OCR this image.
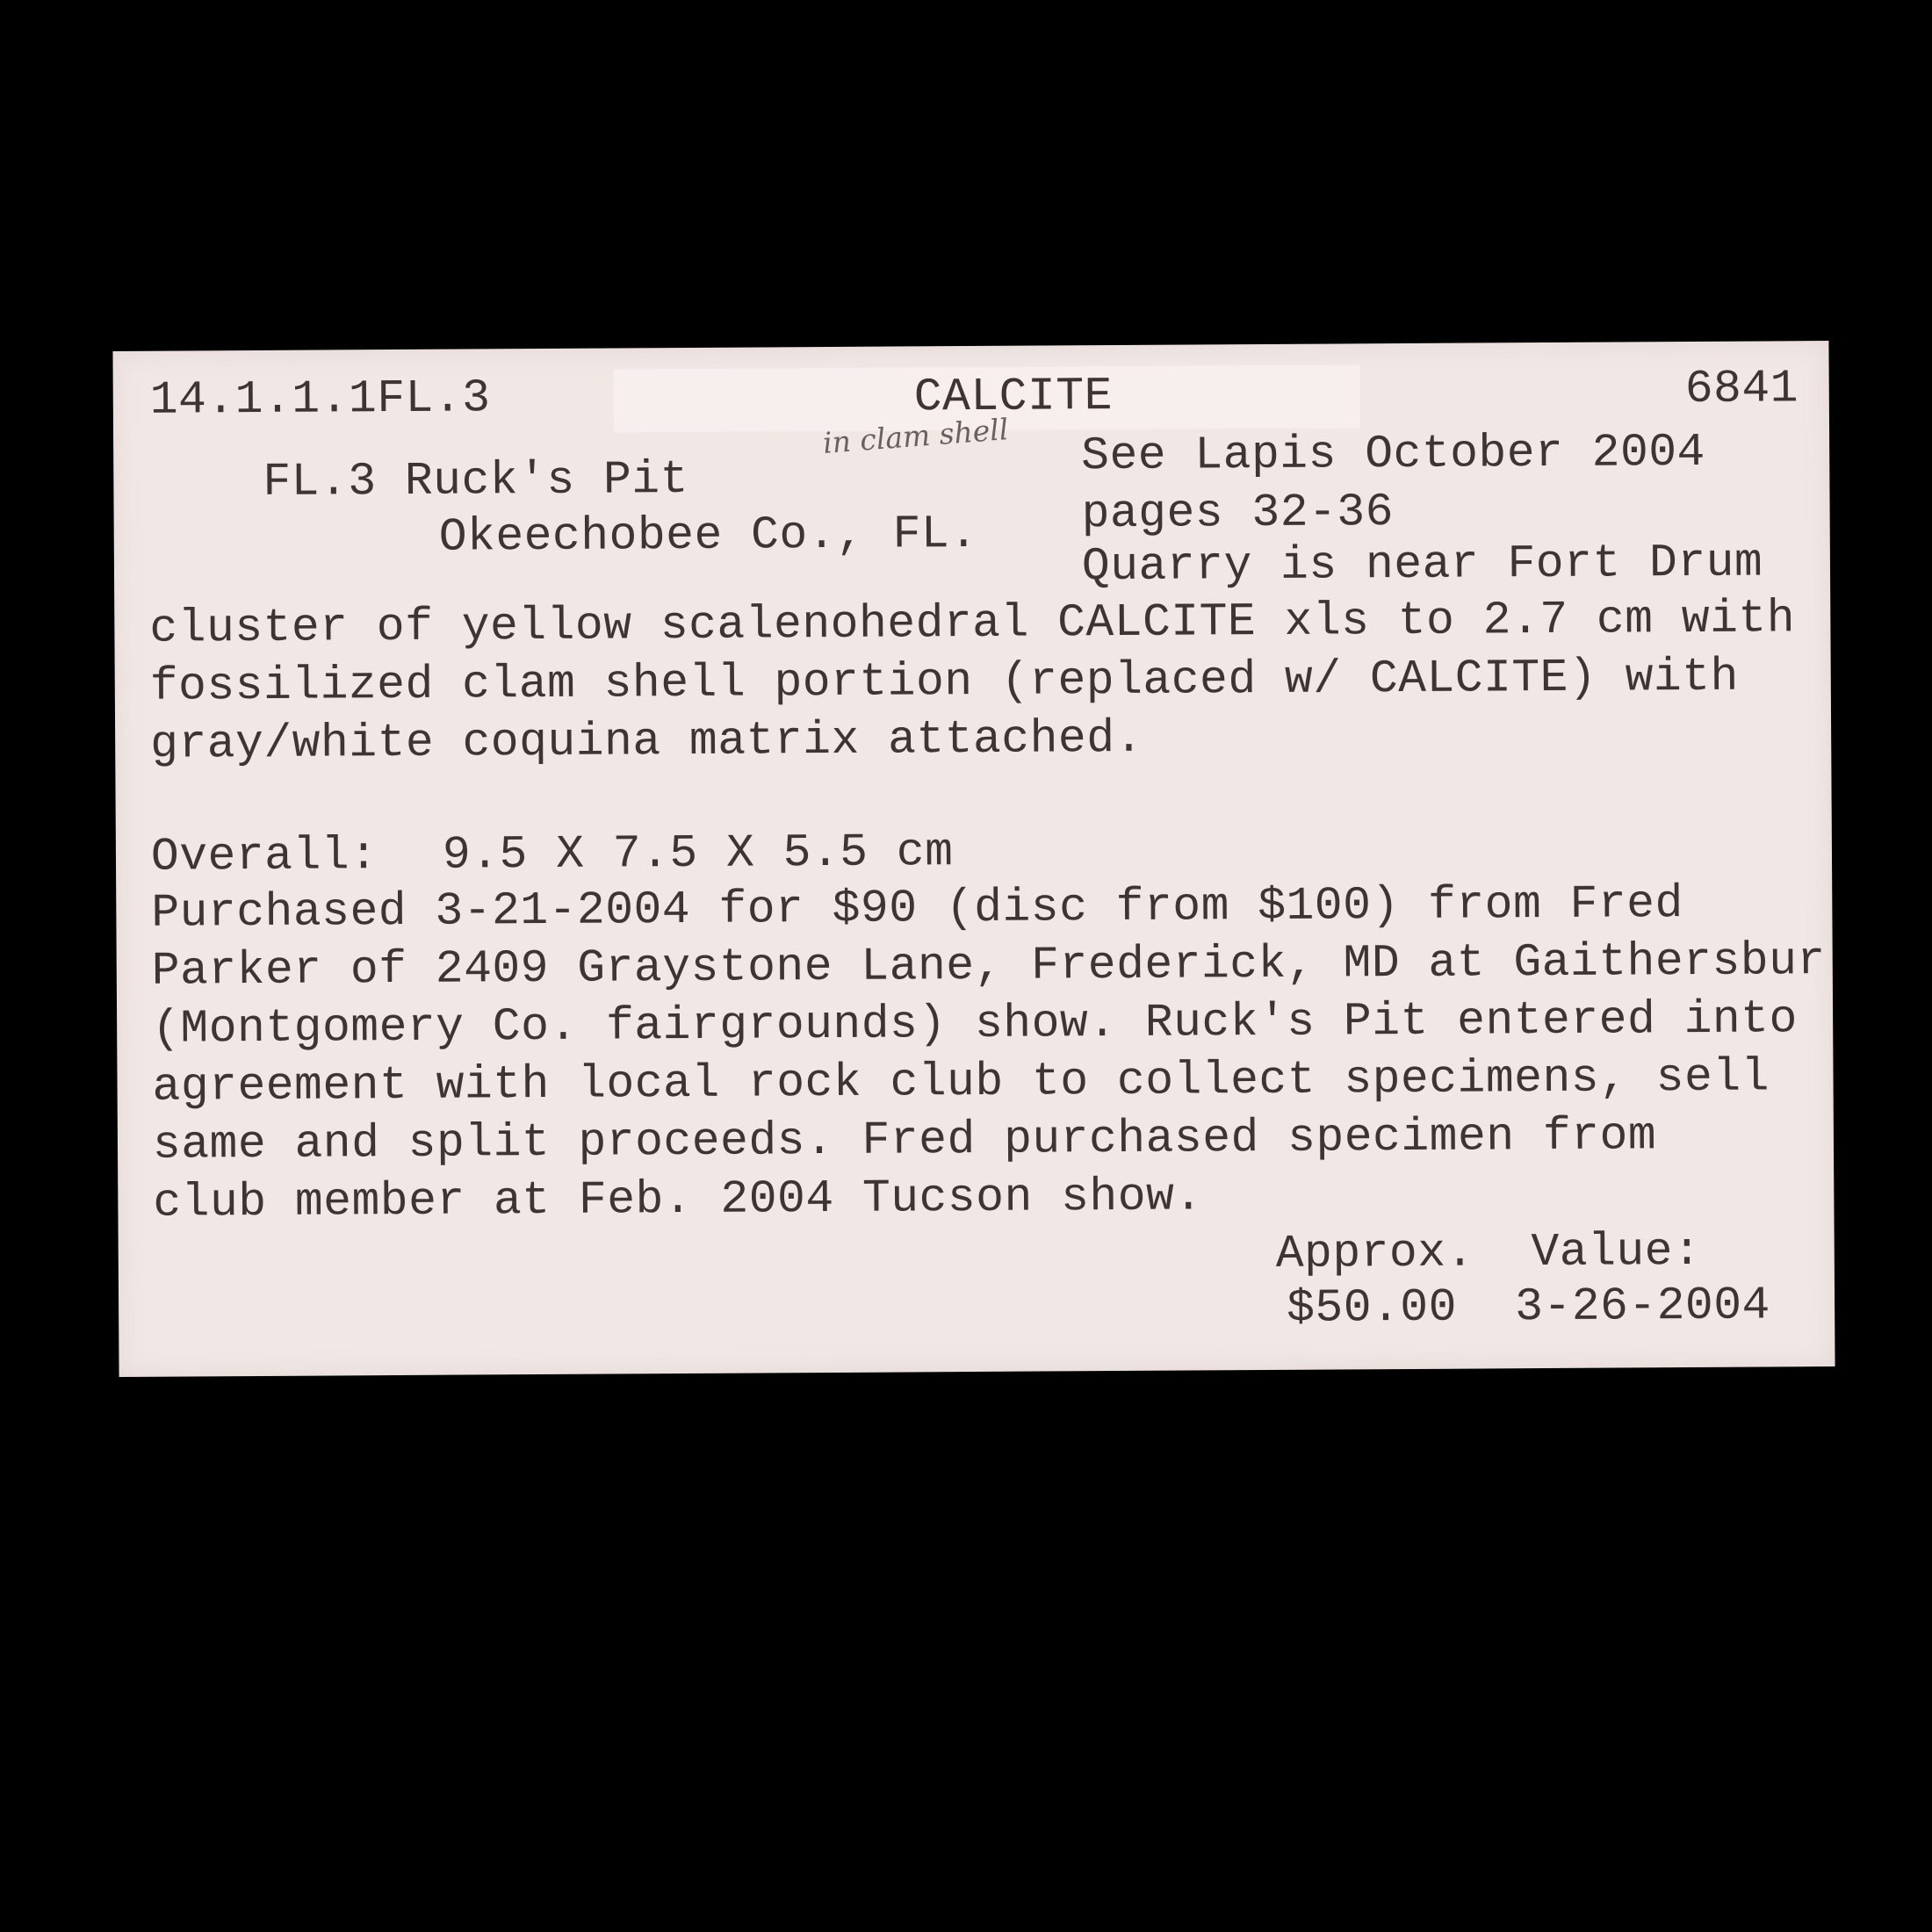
14.1.1.1FL.3	CALCITE	6841
FL.3 Ruck's Pit
Okeechobee Co., FL.
in clam shell See Lapis October 2004
pages 32-36
Quarry is near Fort Drum
cluster of yellow scalenohedral CALCITE xls to 2.7 cm with
fossilized clam shell portion (replaced w/ CALCITE) with
gray/white coquina matrix attached.
Overall: 9.5 X 7.5 X 5.5 cm
Purchased 3-21-2004 for $90 (disc from $100) from Fred
Parker of 2409 Graystone Lane, Frederick, MD at Gaithersbur
(Montgomery Co. fairgrounds) show. Ruck's Pit entered into
agreement with local rock club to collect specimens, sell
same and split proceeds. Fred purchased specimen from
club member at Feb. 2004 Tucson show.
Approx.  Value:
$50.00 3-26-2004
